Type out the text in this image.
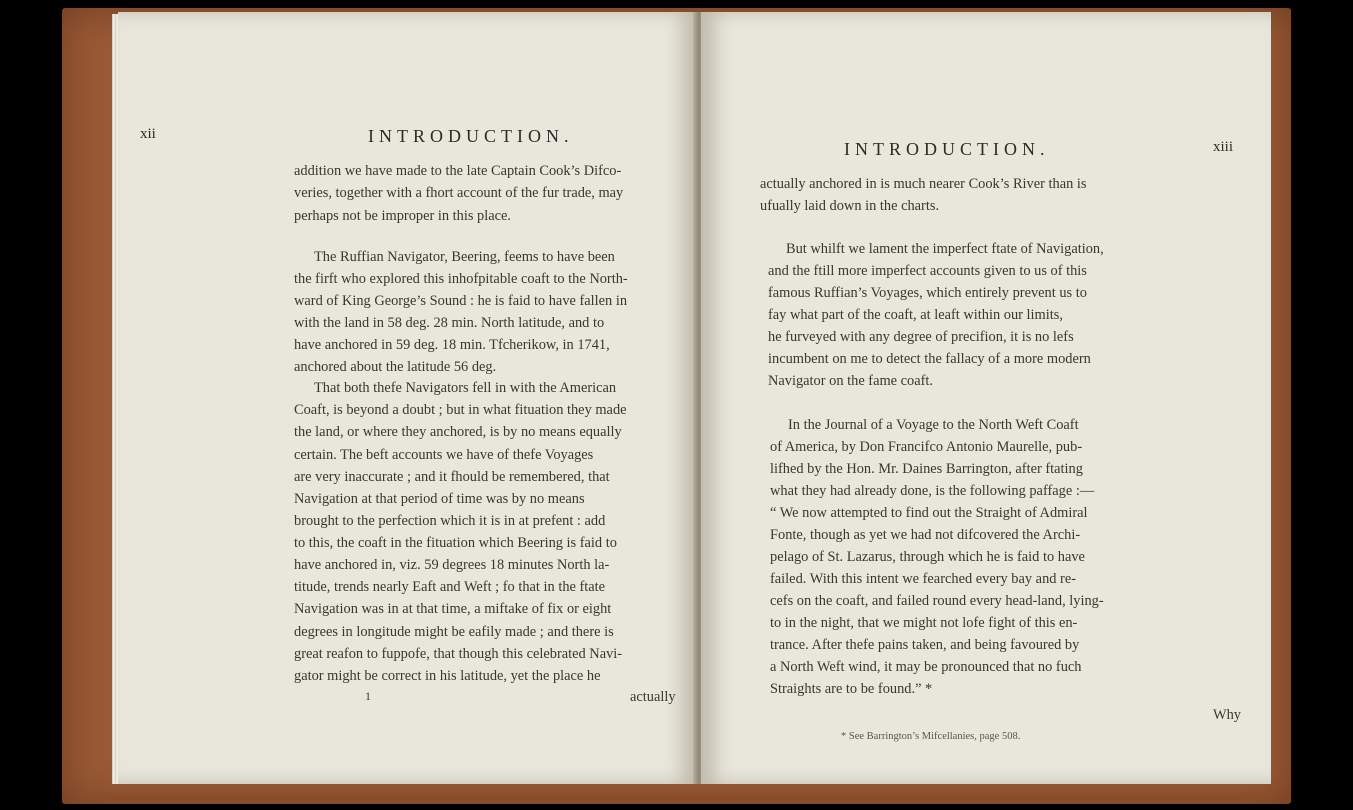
xii	INTRODUCTION.
addition we have made to the late Captain Cook’s Difco-
veries, together with a fhort account of the fur trade, may
perhaps not be improper in this place.
The Ruffian Navigator, Beering, feems to have been
the firft who explored this inhofpitable coaft to the North-
ward of King George’s Sound : he is faid to have fallen in
with the land in 58 deg. 28 min. North latitude, and to
have anchored in 59 deg. 18 min. Tfcherikow, in 1741,
anchored about the latitude 56 deg.
That both thefe Navigators fell in with the American
Coaft, is beyond a doubt ; but in what fituation they made
the land, or where they anchored, is by no means equally
certain. The beft accounts we have of thefe Voyages
are very inaccurate ; and it fhould be remembered, that
Navigation at that period of time was by no means
brought to the perfection which it is in at prefent : add
to this, the coaft in the fituation which Beering is faid to
have anchored in, viz. 59 degrees 18 minutes North la-
titude, trends nearly Eaft and Weft ; fo that in the ftate
Navigation was in at that time, a miftake of fix or eight
degrees in longitude might be eafily made ; and there is
great reafon to fuppofe, that though this celebrated Navi-
gator might be correct in his latitude, yet the place he
1	actually
INTRODUCTION.	xiii
actually anchored in is much nearer Cook’s River than is
ufually laid down in the charts.
But whilft we lament the imperfect ftate of Navigation,
and the ftill more imperfect accounts given to us of this
famous Ruffian’s Voyages, which entirely prevent us to
fay what part of the coaft, at leaft within our limits,
he furveyed with any degree of precifion, it is no lefs
incumbent on me to detect the fallacy of a more modern
Navigator on the fame coaft.
In the Journal of a Voyage to the North Weft Coaft
of America, by Don Francifco Antonio Maurelle, pub-
lifhed by the Hon. Mr. Daines Barrington, after ftating
what they had already done, is the following paffage :—
“ We now attempted to find out the Straight of Admiral
Fonte, though as yet we had not difcovered the Archi-
pelago of St. Lazarus, through which he is faid to have
failed. With this intent we fearched every bay and re-
cefs on the coaft, and failed round every head-land, lying-
to in the night, that we might not lofe fight of this en-
trance. After thefe pains taken, and being favoured by
a North Weft wind, it may be pronounced that no fuch
Straights are to be found.” *
Why
* See Barrington’s Mifcellanies, page 508.
